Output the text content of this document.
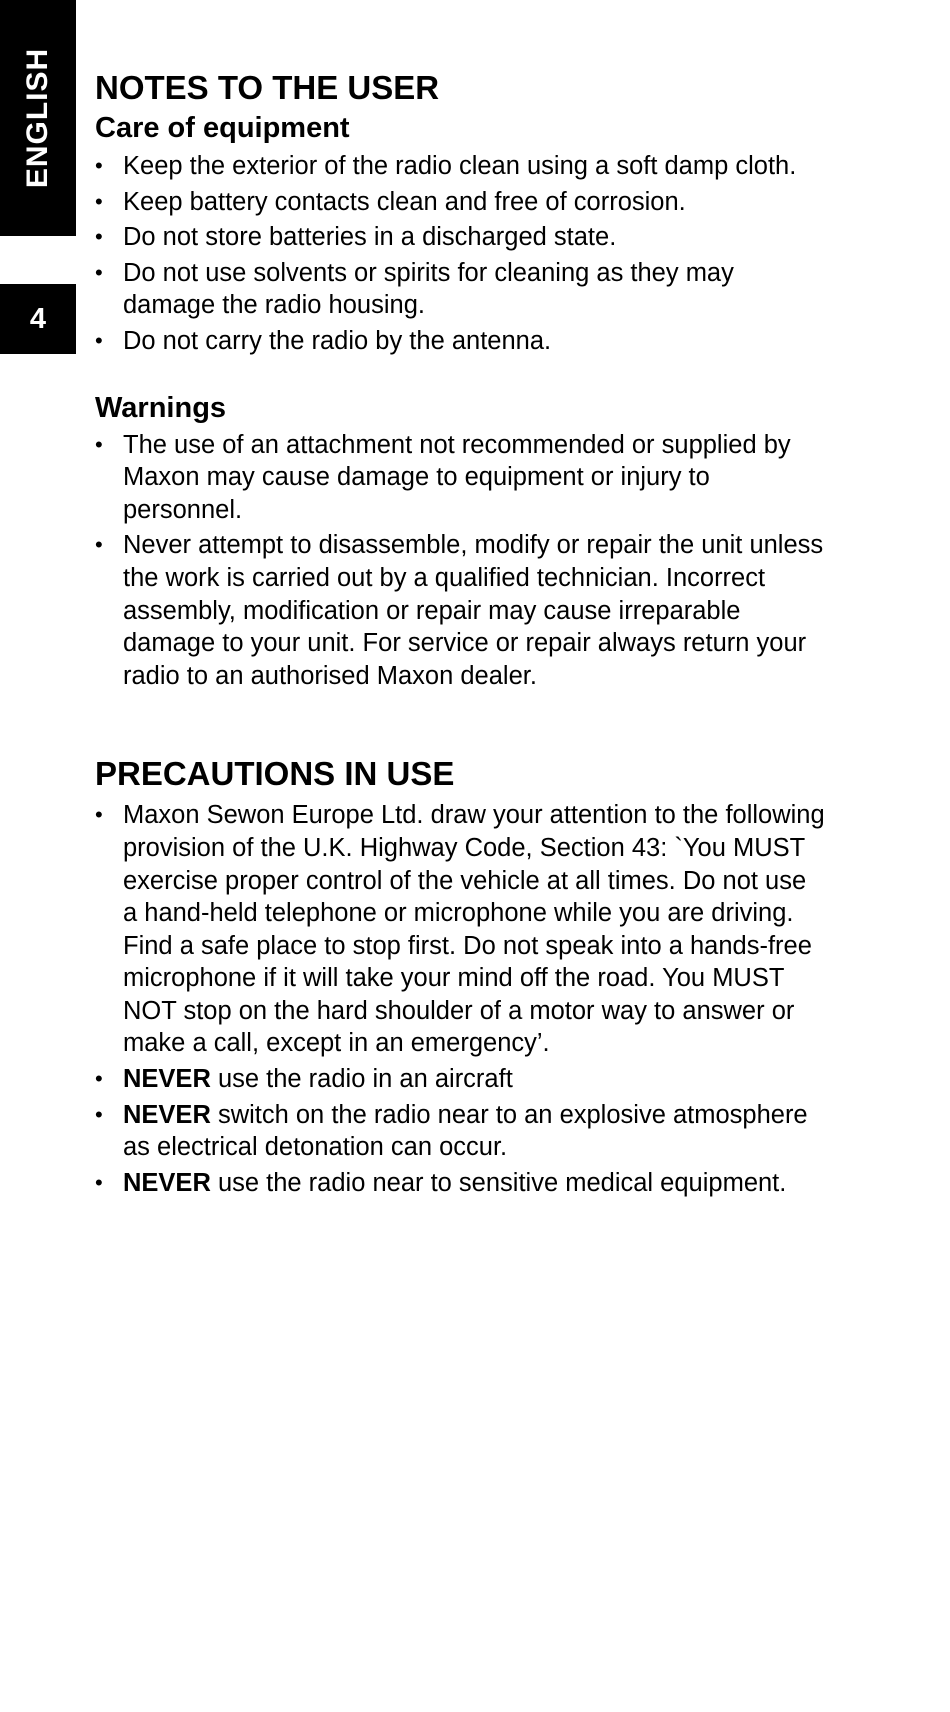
ENGLISH
4
NOTES TO THE USER
Care of equipment
• Keep the exterior of the radio clean using a soft damp cloth.
• Keep battery contacts clean and free of corrosion.
• Do not store batteries in a discharged state.
• Do not use solvents or spirits for cleaning as they may damage the radio housing.
• Do not carry the radio by the antenna.
Warnings
• The use of an attachment not recommended or supplied by Maxon may cause damage to equipment or injury to personnel.
• Never attempt to disassemble, modify or repair the unit unless the work is carried out by a qualified technician. Incorrect assembly, modification or repair may cause irreparable damage to your unit. For service or repair always return your radio to an authorised Maxon dealer.
PRECAUTIONS IN USE
• Maxon Sewon Europe Ltd. draw your attention to the following provision of the U.K. Highway Code, Section 43: `You MUST exercise proper control of the vehicle at all times. Do not use a hand-held telephone or microphone while you are driving. Find a safe place to stop first. Do not speak into a hands-free microphone if it will take your mind off the road. You MUST NOT stop on the hard shoulder of a motor way to answer or make a call, except in an emergency’.
• NEVER use the radio in an aircraft
• NEVER switch on the radio near to an explosive atmosphere as electrical detonation can occur.
• NEVER use the radio near to sensitive medical equipment.
